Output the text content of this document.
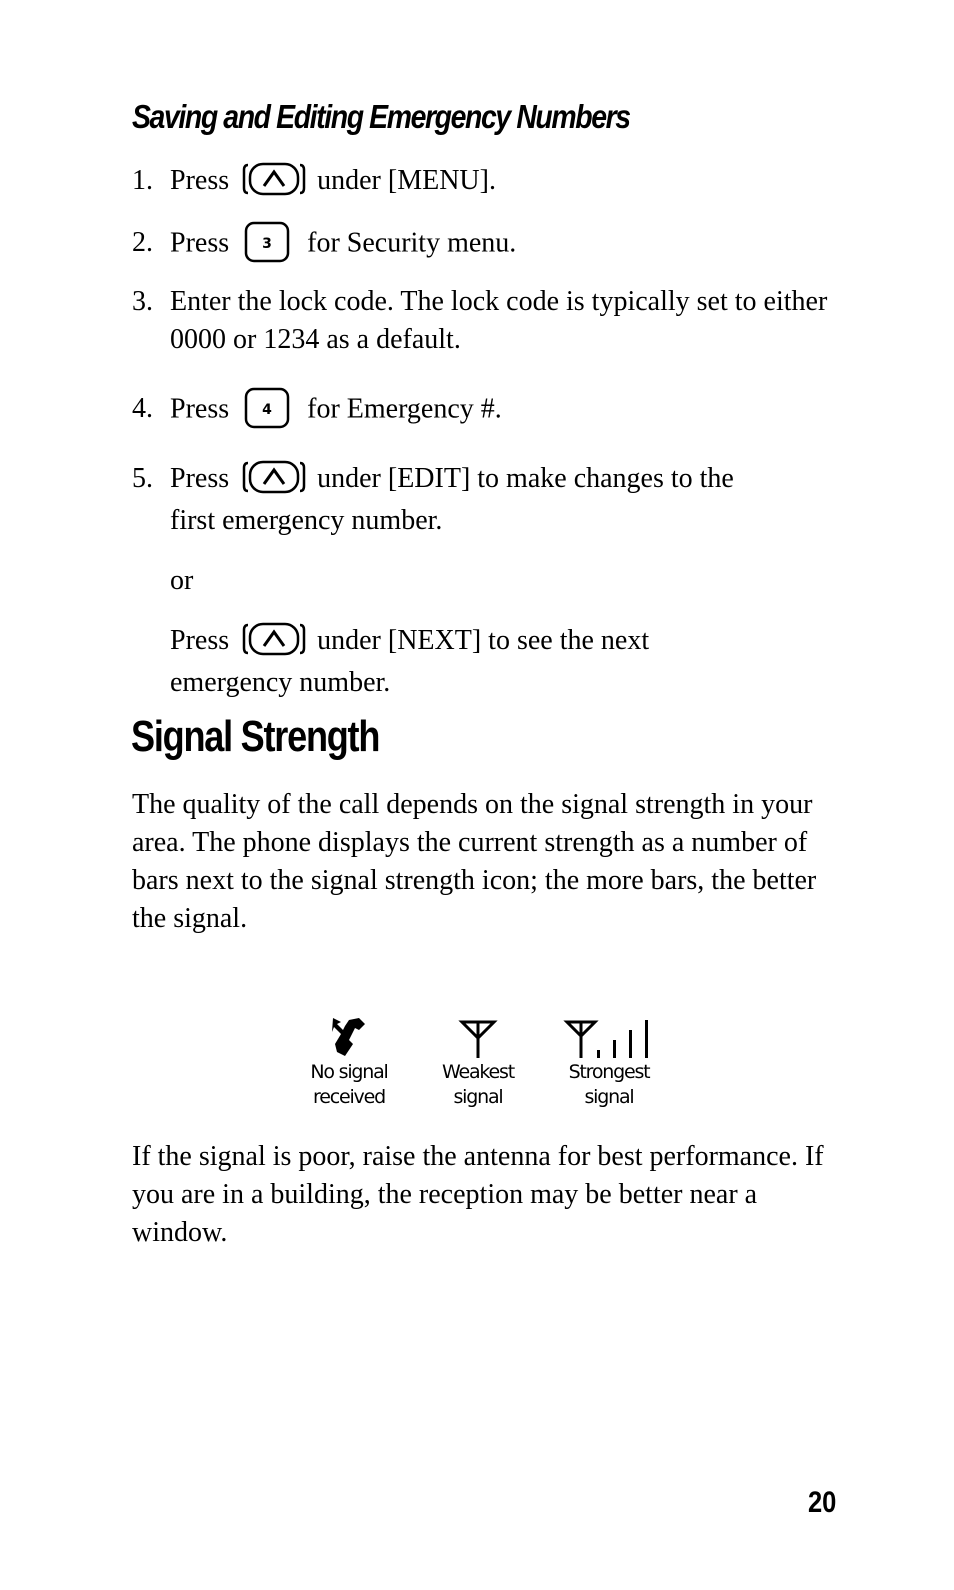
Saving and Editing Emergency Numbers
1. Press	under [MENU].
2. Press 3 for Security menu.
3. Enter the lock code. The lock code is typically set to either 0000 or 1234 as a default.
4. Press 4 for Emergency #.
5. Press	under [EDIT] to make changes to the
first emergency number.
or
Press	under [NEXT] to see the next
emergency number.
Signal Strength
The quality of the call depends on the signal strength in your area. The phone displays the current strength as a number of bars next to the signal strength icon; the more bars, the better the signal.
No signal
received
Weakest
signal
Strongest
signal
If the signal is poor, raise the antenna for best performance. If you are in a building, the reception may be better near a window.
20
